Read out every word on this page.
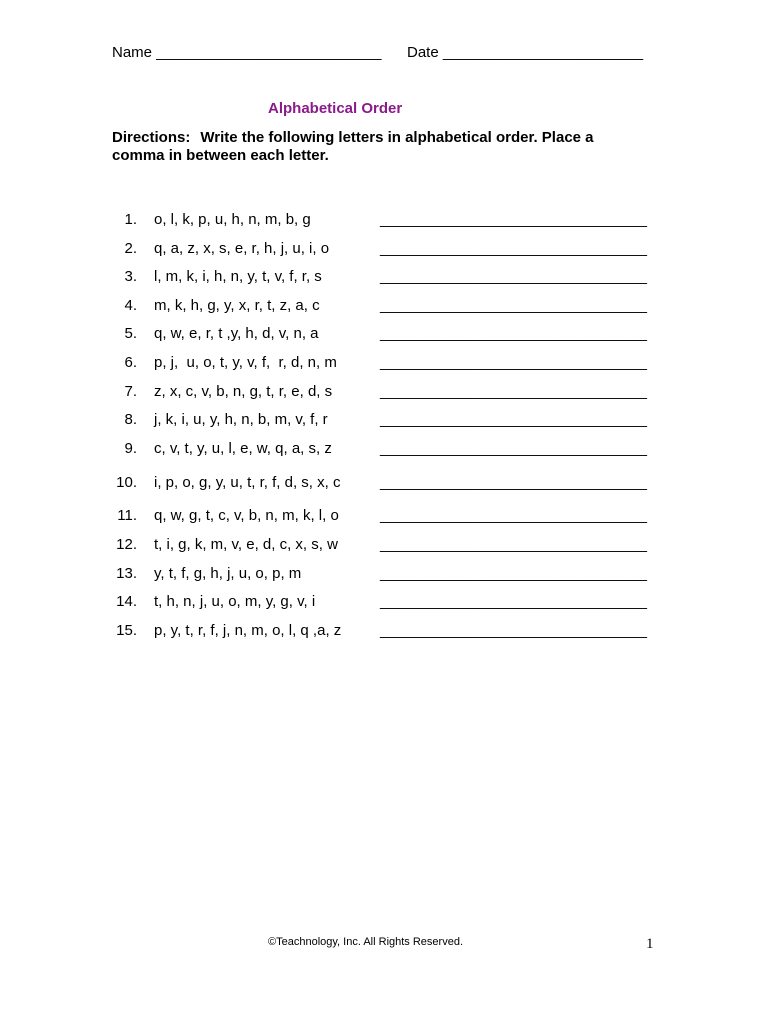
Name ___________________________ Date ________________________
Alphabetical Order
Directions: Write the following letters in alphabetical order. Place a comma in between each letter.
1. o, l, k, p, u, h, n, m, b, g	________________________________
2. q, a, z, x, s, e, r, h, j, u, i, o	________________________________
3. l, m, k, i, h, n, y, t, v, f, r, s	________________________________
4. m, k, h, g, y, x, r, t, z, a, c	________________________________
5. q, w, e, r, t ,y, h, d, v, n, a	________________________________
6. p, j,  u, o, t, y, v, f,  r, d, n, m	________________________________
7. z, x, c, v, b, n, g, t, r, e, d, s	________________________________
8. j, k, i, u, y, h, n, b, m, v, f, r	________________________________
9. c, v, t, y, u, l, e, w, q, a, s, z	________________________________
10. i, p, o, g, y, u, t, r, f, d, s, x, c	________________________________
11. q, w, g, t, c, v, b, n, m, k, l, o	________________________________
12. t, i, g, k, m, v, e, d, c, x, s, w	________________________________
13. y, t, f, g, h, j, u, o, p, m	________________________________
14. t, h, n, j, u, o, m, y, g, v, i	________________________________
15. p, y, t, r, f, j, n, m, o, l, q ,a, z	________________________________
©Teachnology, Inc. All Rights Reserved.	1
